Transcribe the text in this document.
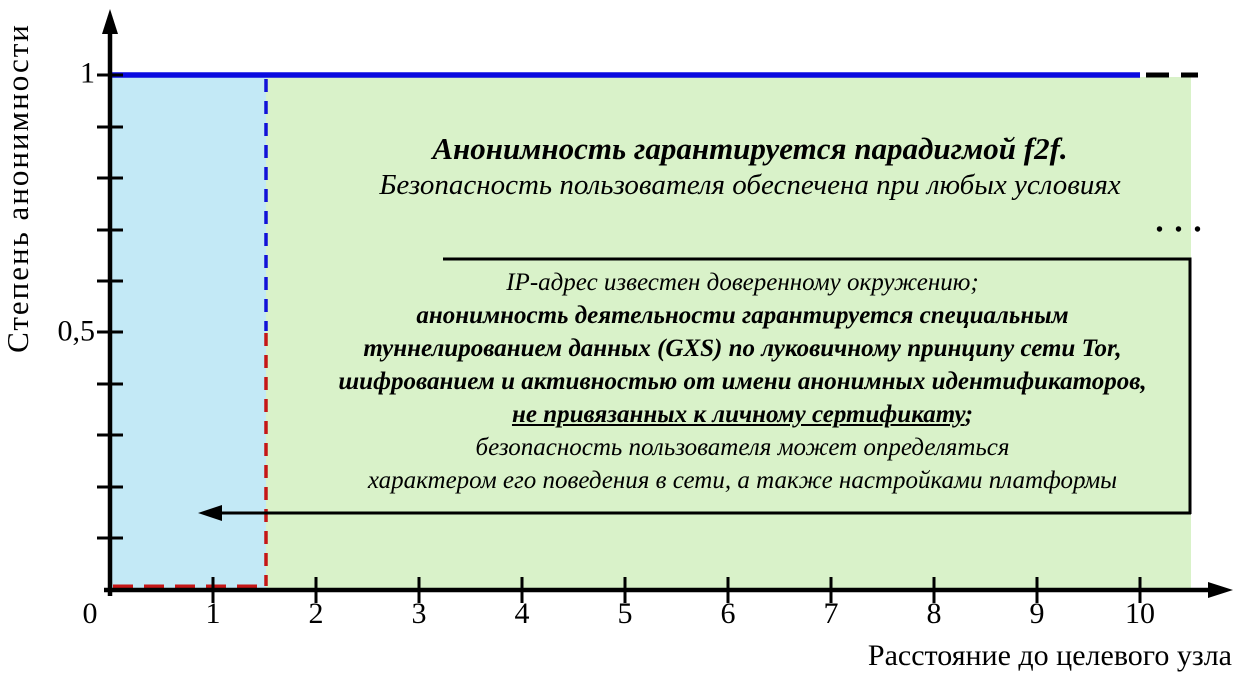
Степень анонимности
Расстояние до целевого узла
0	1	2	3	4	5	6	7	8	9	10
1
0,5
Анонимность гарантируется парадигмой f2f.
Безопасность пользователя обеспечена при любых условиях
•••
IP-адрес известен доверенному окружению;
анонимность деятельности гарантируется специальным
туннелированием данных (GXS) по луковичному принципу сети Tor,
шифрованием и активностью от имени анонимных идентификаторов,
не привязанных к личному сертификату;
безопасность пользователя может определяться
характером его поведения в сети, а также настройками платформы
